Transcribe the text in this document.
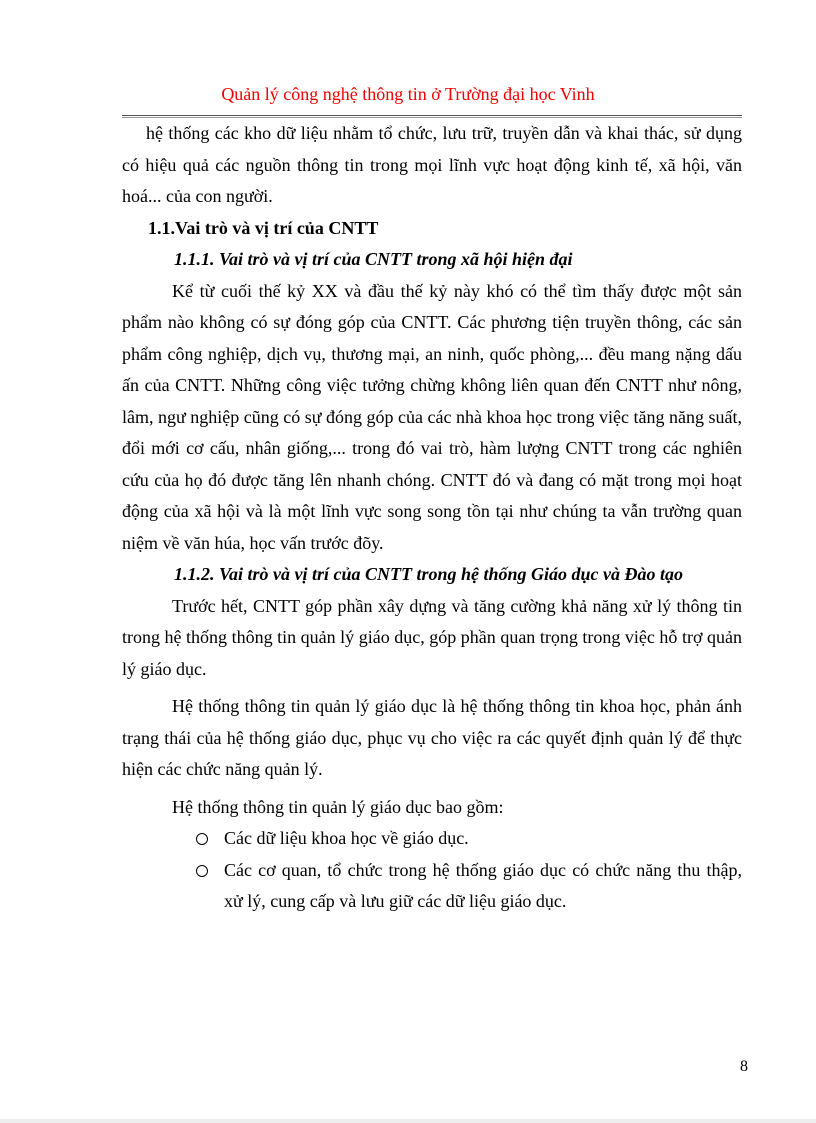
Quản lý công nghệ thông tin ở Trường đại học Vinh

hệ thống các kho dữ liệu nhằm tổ chức, lưu trữ, truyền dẫn và khai thác, sử dụng có hiệu quả các nguồn thông tin trong mọi lĩnh vực hoạt động kinh tế, xã hội, văn hoá... của con người.

1.1.Vai trò và vị trí của CNTT

1.1.1. Vai trò và vị trí của CNTT trong xã hội hiện đại

Kể từ cuối thế kỷ XX và đầu thế kỷ này khó có thể tìm thấy được một sản phẩm nào không có sự đóng góp của CNTT. Các phương tiện truyền thông, các sản phẩm công nghiệp, dịch vụ, thương mại, an ninh, quốc phòng,... đều mang nặng dấu ấn của CNTT. Những công việc tưởng chừng không liên quan đến CNTT như nông, lâm, ngư nghiệp cũng có sự đóng góp của các nhà khoa học trong việc tăng năng suất, đổi mới cơ cấu, nhân giống,... trong đó vai trò, hàm lượng CNTT trong các nghiên cứu của họ đó được tăng lên nhanh chóng. CNTT đó và đang có mặt trong mọi hoạt động của xã hội và là một lĩnh vực song song tồn tại như chúng ta vẫn trường quan niệm về văn húa, học vấn trước đõy.

1.1.2. Vai trò và vị trí của CNTT trong hệ thống Giáo dục và Đào tạo

Trước hết, CNTT góp phần xây dựng và tăng cường khả năng xử lý thông tin trong hệ thống thông tin quản lý giáo dục, góp phần quan trọng trong việc hỗ trợ quản lý giáo dục.

Hệ thống thông tin quản lý giáo dục là hệ thống thông tin khoa học, phản ánh trạng thái của hệ thống giáo dục, phục vụ cho việc ra các quyết định quản lý để thực hiện các chức năng quản lý.

Hệ thống thông tin quản lý giáo dục bao gồm:

Các dữ liệu khoa học về giáo dục.
Các cơ quan, tổ chức trong hệ thống giáo dục có chức năng thu thập, xử lý, cung cấp và lưu giữ các dữ liệu giáo dục.
8
